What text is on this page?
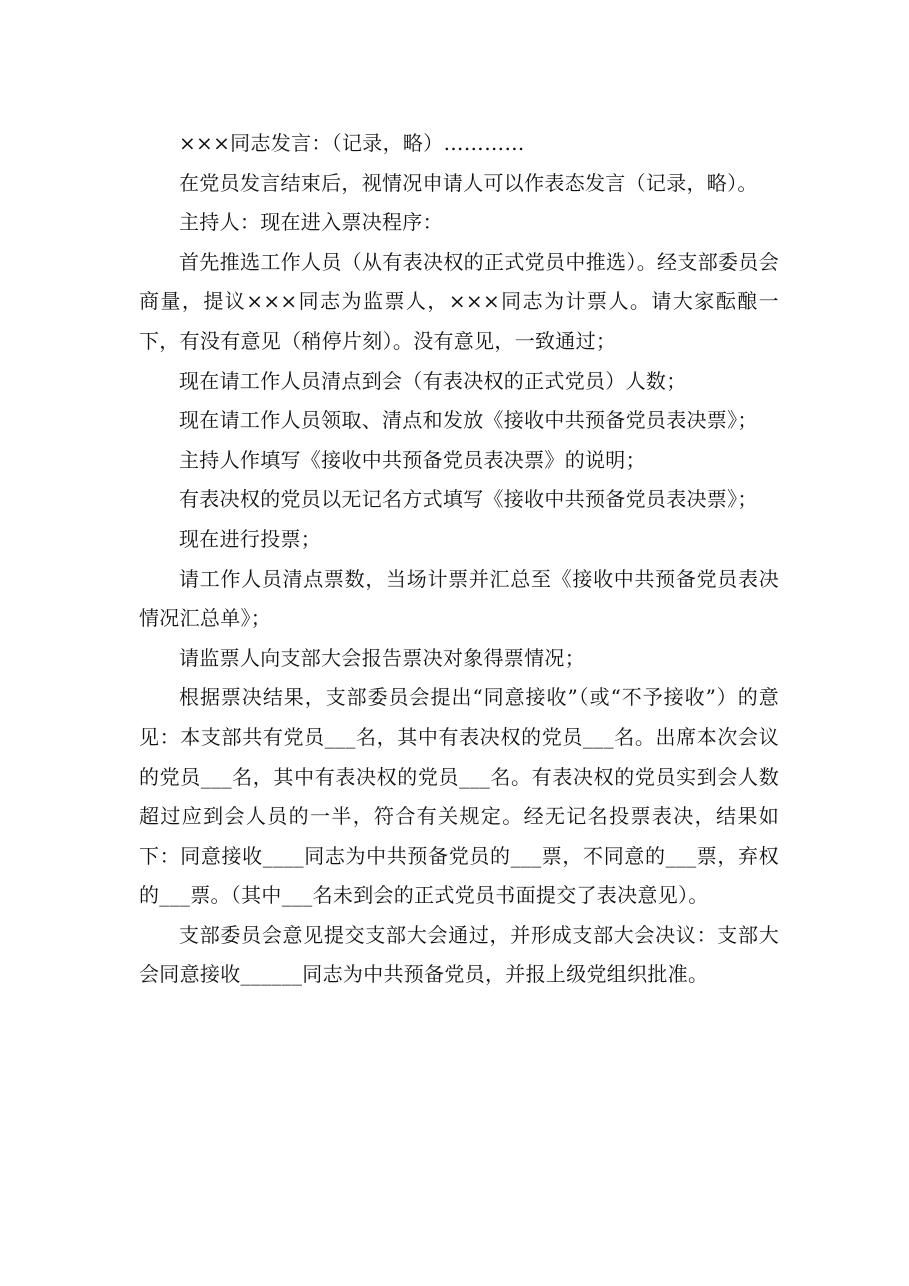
×××同志发言：（记录，略）…………

在党员发言结束后，视情况申请人可以作表态发言（记录，略）。

主持人：现在进入票决程序：

首先推选工作人员（从有表决权的正式党员中推选）。经支部委员会商量，提议×××同志为监票人，×××同志为计票人。请大家酝酿一下，有没有意见（稍停片刻）。没有意见，一致通过；

现在请工作人员清点到会（有表决权的正式党员）人数；

现在请工作人员领取、清点和发放《接收中共预备党员表决票》；

主持人作填写《接收中共预备党员表决票》的说明；

有表决权的党员以无记名方式填写《接收中共预备党员表决票》；

现在进行投票；

请工作人员清点票数，当场计票并汇总至《接收中共预备党员表决情况汇总单》；

请监票人向支部大会报告票决对象得票情况；

根据票决结果，支部委员会提出“同意接收”（或“不予接收”）的意见：本支部共有党员___名，其中有表决权的党员___名。出席本次会议的党员___名，其中有表决权的党员___名。有表决权的党员实到会人数超过应到会人员的一半，符合有关规定。经无记名投票表决，结果如下：同意接收____同志为中共预备党员的___票，不同意的___票，弃权的___票。（其中___名未到会的正式党员书面提交了表决意见）。

支部委员会意见提交支部大会通过，并形成支部大会决议：支部大会同意接收______同志为中共预备党员，并报上级党组织批准。
